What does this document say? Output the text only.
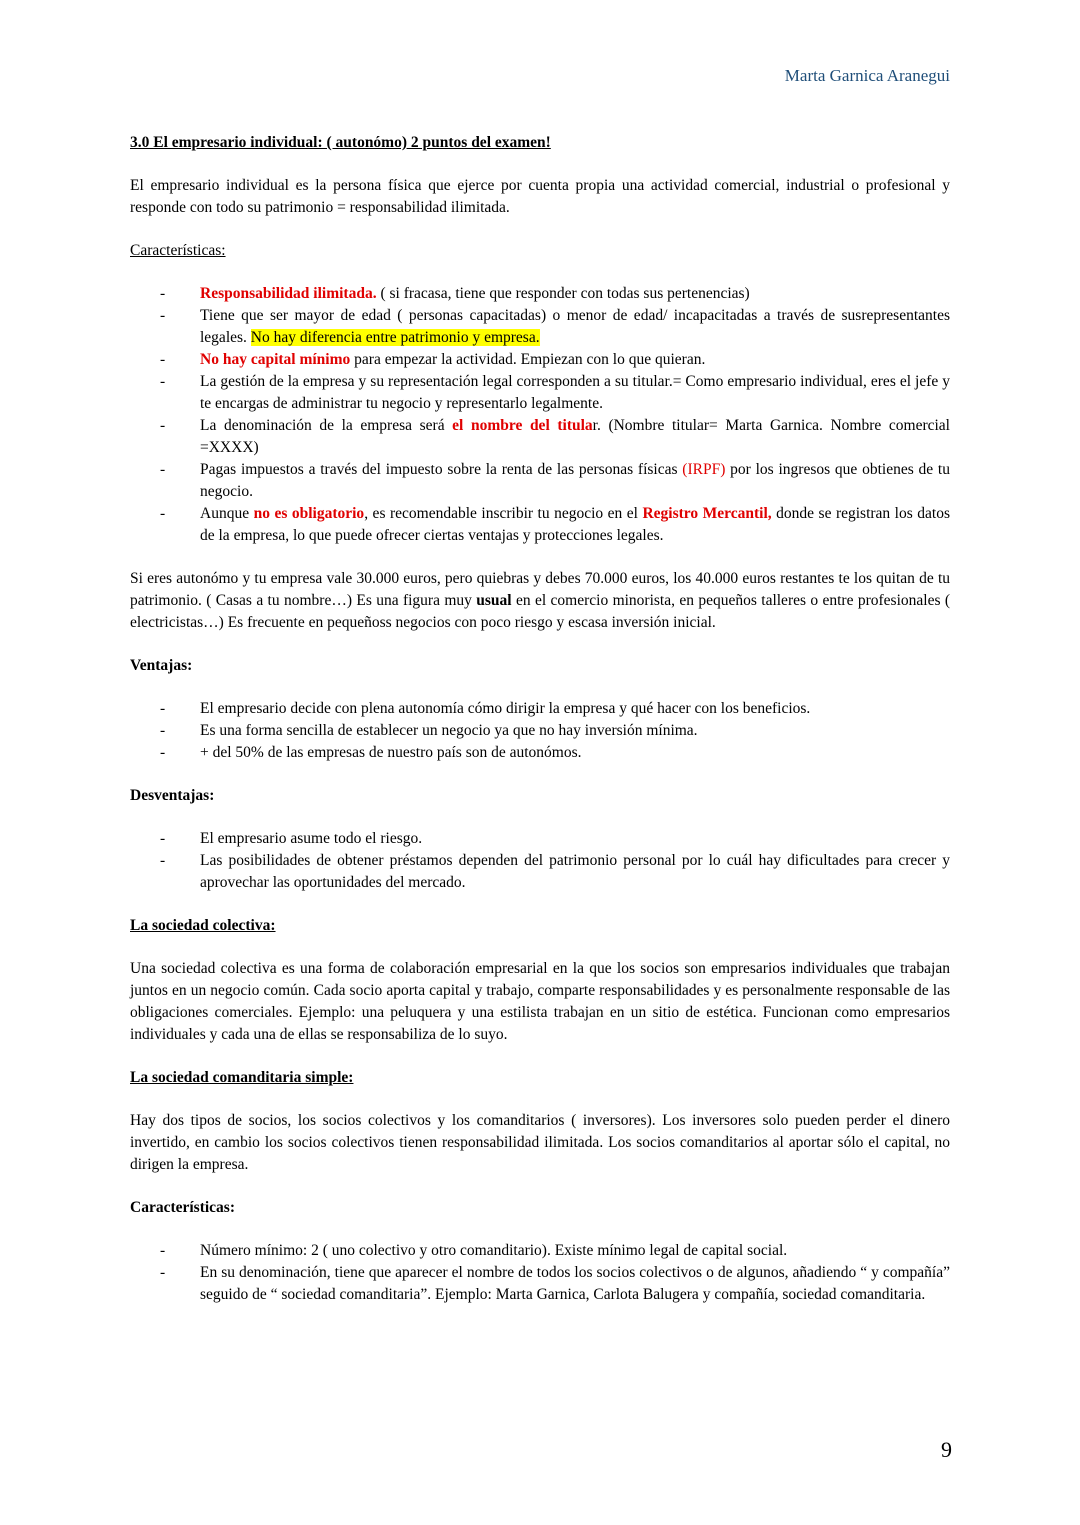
Marta Garnica Aranegui

3.0 El empresario individual: ( autonómo) 2 puntos del examen!

El empresario individual es la persona física que ejerce por cuenta propia una actividad comercial, industrial o profesional y responde con todo su patrimonio = responsabilidad ilimitada.

Características:

- Responsabilidad ilimitada. ( si fracasa, tiene que responder con todas sus pertenencias)
- Tiene que ser mayor de edad ( personas capacitadas) o menor de edad/ incapacitadas a través de susrepresentantes legales. No hay diferencia entre patrimonio y empresa.
- No hay capital mínimo para empezar la actividad. Empiezan con lo que quieran.
- La gestión de la empresa y su representación legal corresponden a su titular.= Como empresario individual, eres el jefe y te encargas de administrar tu negocio y representarlo legalmente.
- La denominación de la empresa será el nombre del titular. (Nombre titular= Marta Garnica. Nombre comercial =XXXX)
- Pagas impuestos a través del impuesto sobre la renta de las personas físicas (IRPF) por los ingresos que obtienes de tu negocio.
- Aunque no es obligatorio, es recomendable inscribir tu negocio en el Registro Mercantil, donde se registran los datos de la empresa, lo que puede ofrecer ciertas ventajas y protecciones legales.

Si eres autonómo y tu empresa vale 30.000 euros, pero quiebras y debes 70.000 euros, los 40.000 euros restantes te los quitan de tu patrimonio. ( Casas a tu nombre…) Es una figura muy usual en el comercio minorista, en pequeños talleres o entre profesionales ( electricistas…) Es frecuente en pequeñoss negocios con poco riesgo y escasa inversión inicial.

Ventajas:

- El empresario decide con plena autonomía cómo dirigir la empresa y qué hacer con los beneficios.
- Es una forma sencilla de establecer un negocio ya que no hay inversión mínima.
- + del 50% de las empresas de nuestro país son de autonómos.

Desventajas:

- El empresario asume todo el riesgo.
- Las posibilidades de obtener préstamos dependen del patrimonio personal por lo cuál hay dificultades para crecer y aprovechar las oportunidades del mercado.

La sociedad colectiva:

Una sociedad colectiva es una forma de colaboración empresarial en la que los socios son empresarios individuales que trabajan juntos en un negocio común. Cada socio aporta capital y trabajo, comparte responsabilidades y es personalmente responsable de las obligaciones comerciales. Ejemplo: una peluquera y una estilista trabajan en un sitio de estética. Funcionan como empresarios individuales y cada una de ellas se responsabiliza de lo suyo.

La sociedad comanditaria simple:

Hay dos tipos de socios, los socios colectivos y los comanditarios ( inversores). Los inversores solo pueden perder el dinero invertido, en cambio los socios colectivos tienen responsabilidad ilimitada. Los socios comanditarios al aportar sólo el capital, no dirigen la empresa.

Características:

- Número mínimo: 2 ( uno colectivo y otro comanditario). Existe mínimo legal de capital social.
- En su denominación, tiene que aparecer el nombre de todos los socios colectivos o de algunos, añadiendo “ y compañía” seguido de “ sociedad comanditaria”. Ejemplo: Marta Garnica, Carlota Balugera y compañía, sociedad comanditaria.
9
